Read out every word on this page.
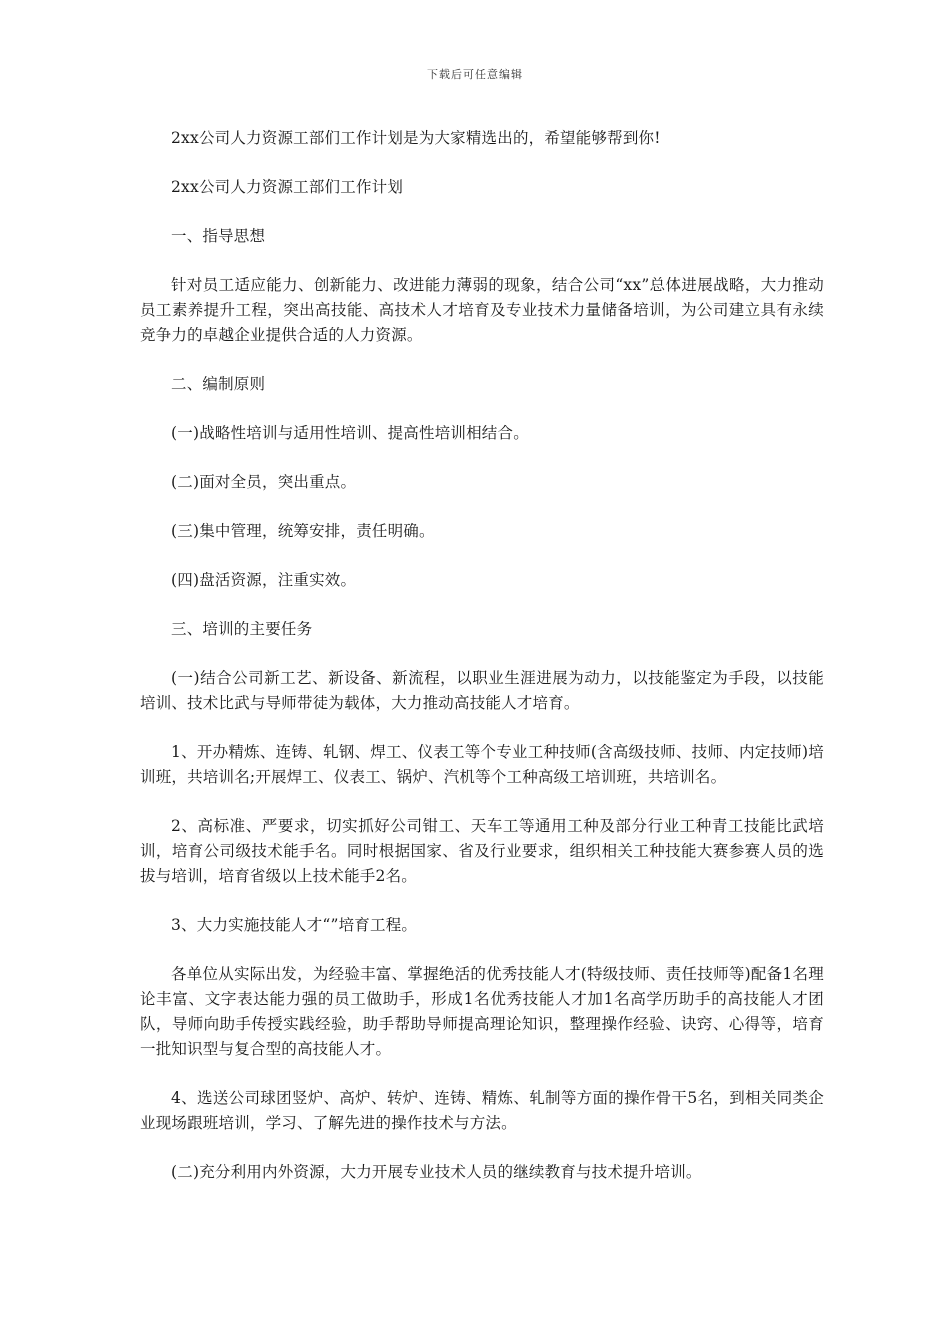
下载后可任意编辑

2xx公司人力资源工部们工作计划是为大家精选出的，希望能够帮到你!

2xx公司人力资源工部们工作计划

一、指导思想

针对员工适应能力、创新能力、改进能力薄弱的现象，结合公司“xx”总体进展战略，大力推动员工素养提升工程，突出高技能、高技术人才培育及专业技术力量储备培训，为公司建立具有永续竞争力的卓越企业提供合适的人力资源。

二、编制原则

(一)战略性培训与适用性培训、提高性培训相结合。

(二)面对全员，突出重点。

(三)集中管理，统筹安排，责任明确。

(四)盘活资源，注重实效。

三、培训的主要任务

(一)结合公司新工艺、新设备、新流程，以职业生涯进展为动力，以技能鉴定为手段，以技能培训、技术比武与导师带徒为载体，大力推动高技能人才培育。

1、开办精炼、连铸、轧钢、焊工、仪表工等个专业工种技师(含高级技师、技师、内定技师)培训班，共培训名;开展焊工、仪表工、锅炉、汽机等个工种高级工培训班，共培训名。

2、高标准、严要求，切实抓好公司钳工、天车工等通用工种及部分行业工种青工技能比武培训，培育公司级技术能手名。同时根据国家、省及行业要求，组织相关工种技能大赛参赛人员的选拔与培训，培育省级以上技术能手2名。

3、大力实施技能人才“”培育工程。

各单位从实际出发，为经验丰富、掌握绝活的优秀技能人才(特级技师、责任技师等)配备1名理论丰富、文字表达能力强的员工做助手，形成1名优秀技能人才加1名高学历助手的高技能人才团队，导师向助手传授实践经验，助手帮助导师提高理论知识，整理操作经验、诀窍、心得等，培育一批知识型与复合型的高技能人才。

4、选送公司球团竖炉、高炉、转炉、连铸、精炼、轧制等方面的操作骨干5名，到相关同类企业现场跟班培训，学习、了解先进的操作技术与方法。

(二)充分利用内外资源，大力开展专业技术人员的继续教育与技术提升培训。
